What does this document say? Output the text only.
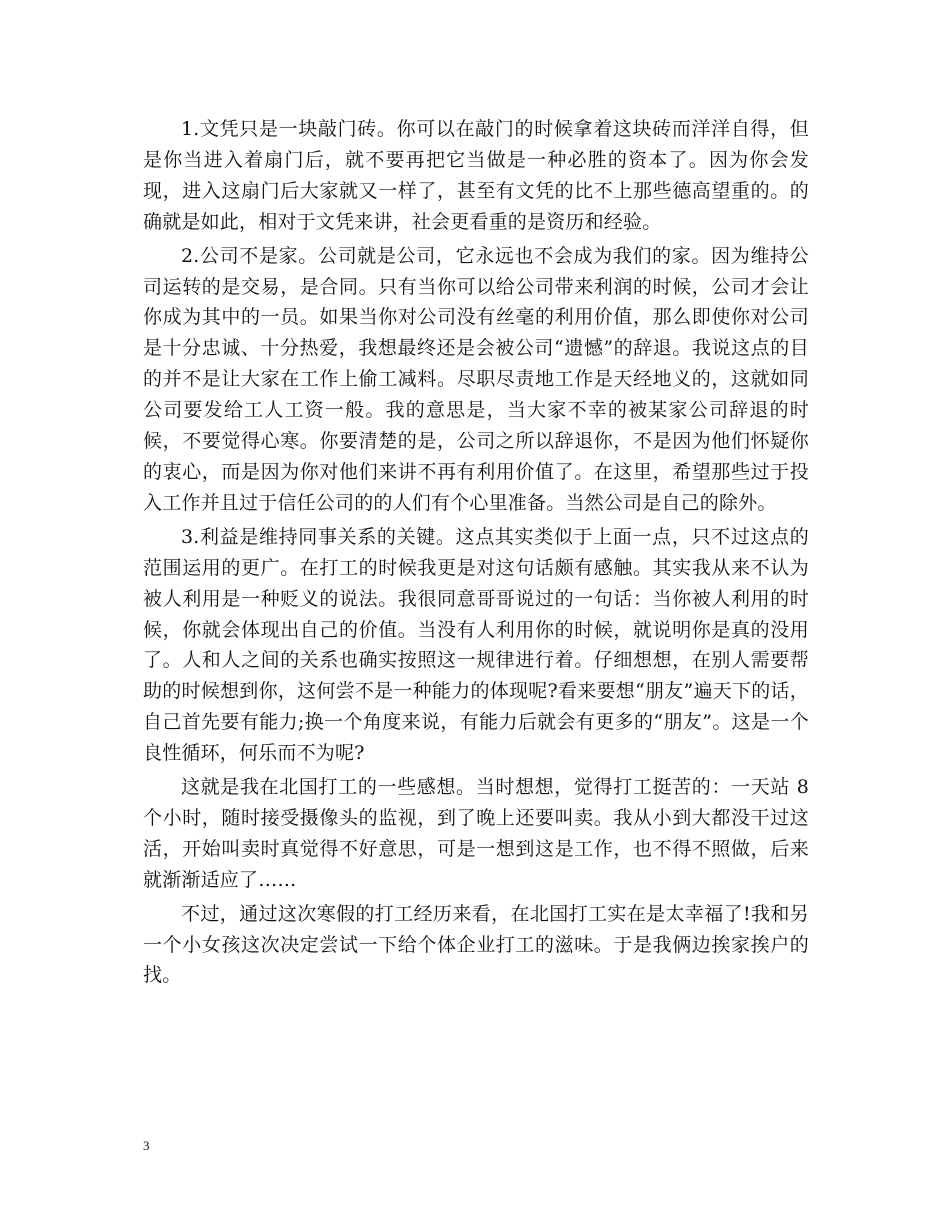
1.文凭只是一块敲门砖。你可以在敲门的时候拿着这块砖而洋洋自得，但是你当进入着扇门后，就不要再把它当做是一种必胜的资本了。因为你会发现，进入这扇门后大家就又一样了，甚至有文凭的比不上那些德高望重的。的确就是如此，相对于文凭来讲，社会更看重的是资历和经验。

2.公司不是家。公司就是公司，它永远也不会成为我们的家。因为维持公司运转的是交易，是合同。只有当你可以给公司带来利润的时候，公司才会让你成为其中的一员。如果当你对公司没有丝毫的利用价值，那么即使你对公司是十分忠诚、十分热爱，我想最终还是会被公司“遗憾”的辞退。我说这点的目的并不是让大家在工作上偷工减料。尽职尽责地工作是天经地义的，这就如同公司要发给工人工资一般。我的意思是，当大家不幸的被某家公司辞退的时候，不要觉得心寒。你要清楚的是，公司之所以辞退你，不是因为他们怀疑你的衷心，而是因为你对他们来讲不再有利用价值了。在这里，希望那些过于投入工作并且过于信任公司的的人们有个心里准备。当然公司是自己的除外。

3.利益是维持同事关系的关键。这点其实类似于上面一点，只不过这点的范围运用的更广。在打工的时候我更是对这句话颇有感触。其实我从来不认为被人利用是一种贬义的说法。我很同意哥哥说过的一句话：当你被人利用的时候，你就会体现出自己的价值。当没有人利用你的时候，就说明你是真的没用了。人和人之间的关系也确实按照这一规律进行着。仔细想想，在别人需要帮助的时候想到你，这何尝不是一种能力的体现呢?看来要想“朋友”遍天下的话，自己首先要有能力;换一个角度来说，有能力后就会有更多的“朋友”。这是一个良性循环，何乐而不为呢?

这就是我在北国打工的一些感想。当时想想，觉得打工挺苦的：一天站 8 个小时，随时接受摄像头的监视，到了晚上还要叫卖。我从小到大都没干过这活，开始叫卖时真觉得不好意思，可是一想到这是工作，也不得不照做，后来就渐渐适应了……

不过，通过这次寒假的打工经历来看，在北国打工实在是太幸福了!我和另一个小女孩这次决定尝试一下给个体企业打工的滋味。于是我俩边挨家挨户的找。

3
